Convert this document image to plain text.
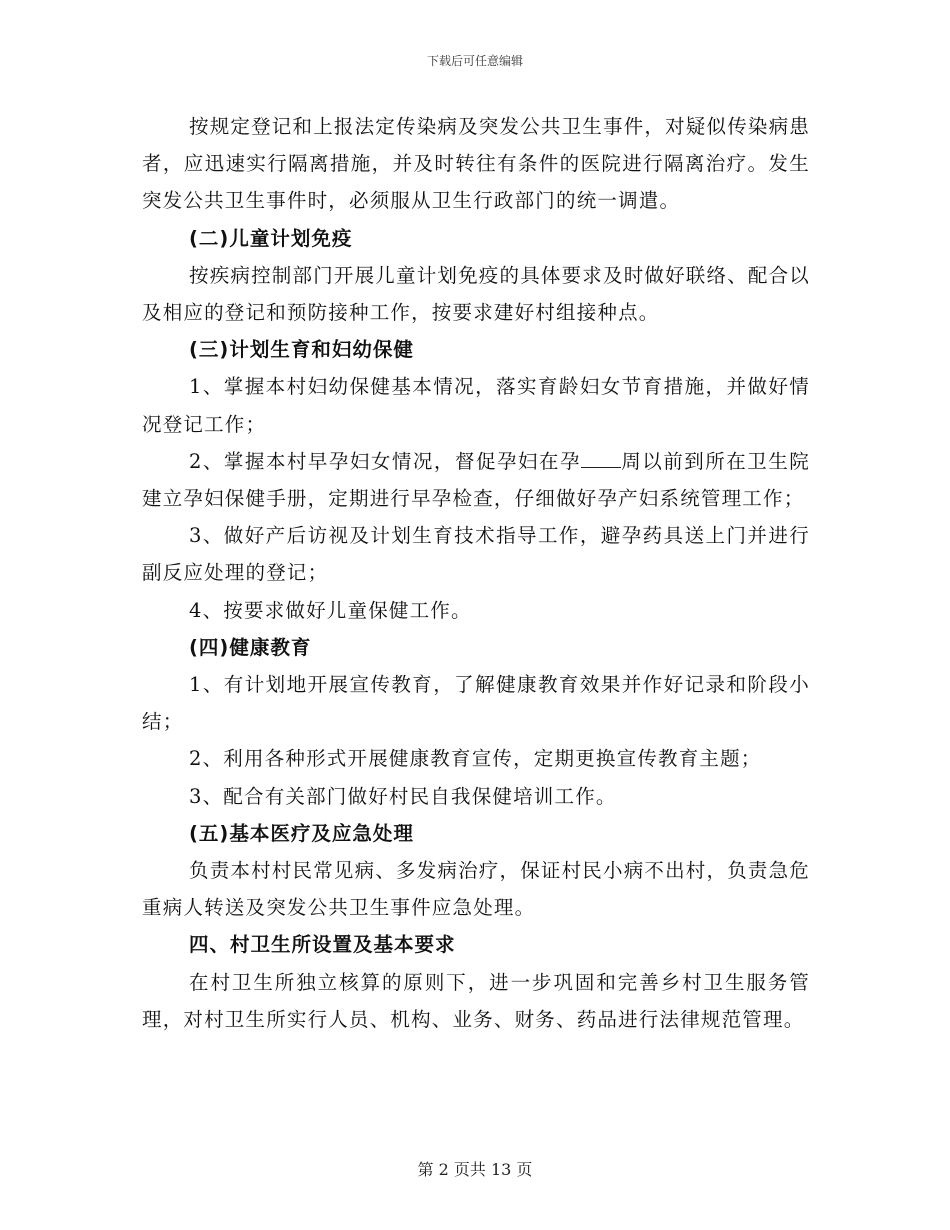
下载后可任意编辑

按规定登记和上报法定传染病及突发公共卫生事件，对疑似传染病患者，应迅速实行隔离措施，并及时转往有条件的医院进行隔离治疗。发生突发公共卫生事件时，必须服从卫生行政部门的统一调遣。

(二)儿童计划免疫

按疾病控制部门开展儿童计划免疫的具体要求及时做好联络、配合以及相应的登记和预防接种工作，按要求建好村组接种点。

(三)计划生育和妇幼保健

1、掌握本村妇幼保健基本情况，落实育龄妇女节育措施，并做好情况登记工作；

2、掌握本村早孕妇女情况，督促孕妇在孕 周以前到所在卫生院建立孕妇保健手册，定期进行早孕检查，仔细做好孕产妇系统管理工作；

3、做好产后访视及计划生育技术指导工作，避孕药具送上门并进行副反应处理的登记；

4、按要求做好儿童保健工作。

(四)健康教育

1、有计划地开展宣传教育，了解健康教育效果并作好记录和阶段小结；

2、利用各种形式开展健康教育宣传，定期更换宣传教育主题；

3、配合有关部门做好村民自我保健培训工作。

(五)基本医疗及应急处理

负责本村村民常见病、多发病治疗，保证村民小病不出村，负责急危重病人转送及突发公共卫生事件应急处理。

四、村卫生所设置及基本要求

在村卫生所独立核算的原则下，进一步巩固和完善乡村卫生服务管理，对村卫生所实行人员、机构、业务、财务、药品进行法律规范管理。

第 2 页共 13 页
